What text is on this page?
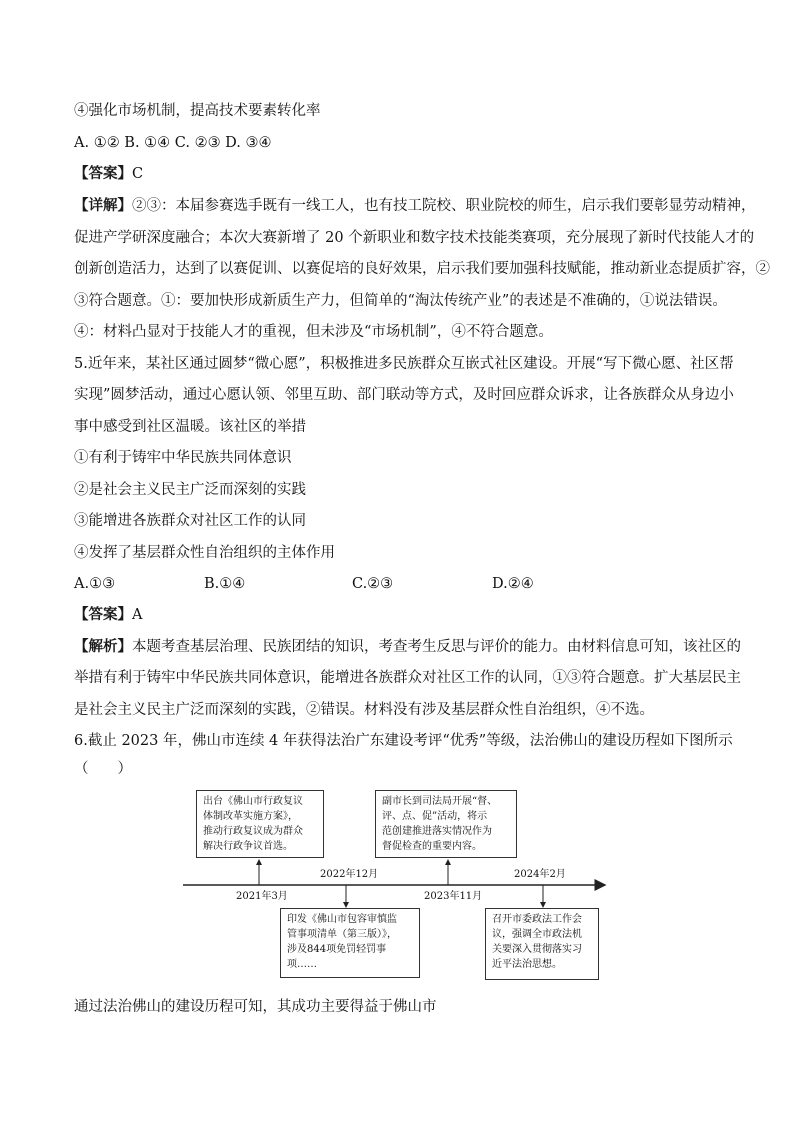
④强化市场机制，提高技术要素转化率
A. ①② B. ①④ C. ②③ D. ③④
【答案】C
【详解】②③：本届参赛选手既有一线工人，也有技工院校、职业院校的师生，启示我们要彰显劳动精神，
促进产学研深度融合；本次大赛新增了 20 个新职业和数字技术技能类赛项，充分展现了新时代技能人才的
创新创造活力，达到了以赛促训、以赛促培的良好效果，启示我们要加强科技赋能，推动新业态提质扩容，②
③符合题意。①：要加快形成新质生产力，但简单的“淘汰传统产业”的表述是不准确的，①说法错误。
④：材料凸显对于技能人才的重视，但未涉及“市场机制”，④不符合题意。
5.近年来，某社区通过圆梦“微心愿”，积极推进多民族群众互嵌式社区建设。开展“写下微心愿、社区帮
实现”圆梦活动，通过心愿认领、邻里互助、部门联动等方式，及时回应群众诉求，让各族群众从身边小
事中感受到社区温暖。该社区的举措
①有利于铸牢中华民族共同体意识
②是社会主义民主广泛而深刻的实践
③能增进各族群众对社区工作的认同
④发挥了基层群众性自治组织的主体作用
A.①③	B.①④	C.②③	D.②④
【答案】A
【解析】本题考查基层治理、民族团结的知识，考查考生反思与评价的能力。由材料信息可知，该社区的
举措有利于铸牢中华民族共同体意识，能增进各族群众对社区工作的认同，①③符合题意。扩大基层民主
是社会主义民主广泛而深刻的实践，②错误。材料没有涉及基层群众性自治组织，④不选。
6.截止 2023 年，佛山市连续 4 年获得法治广东建设考评“优秀”等级，法治佛山的建设历程如下图所示
（　　）
出台《佛山市行政复议
体制改革实施方案》，
推动行政复议成为群众
解决行政争议首选。
印发《佛山市包容审慎监
管事项清单（第三版）》，
涉及844项免罚轻罚事
项……
副市长到司法局开展“督、
评、点、促”活动，将示
范创建推进落实情况作为
督促检查的重要内容。
召开市委政法工作会
议，强调全市政法机
关要深入贯彻落实习
近平法治思想。
2021年3月
2022年12月
2023年11月
2024年2月
通过法治佛山的建设历程可知，其成功主要得益于佛山市
